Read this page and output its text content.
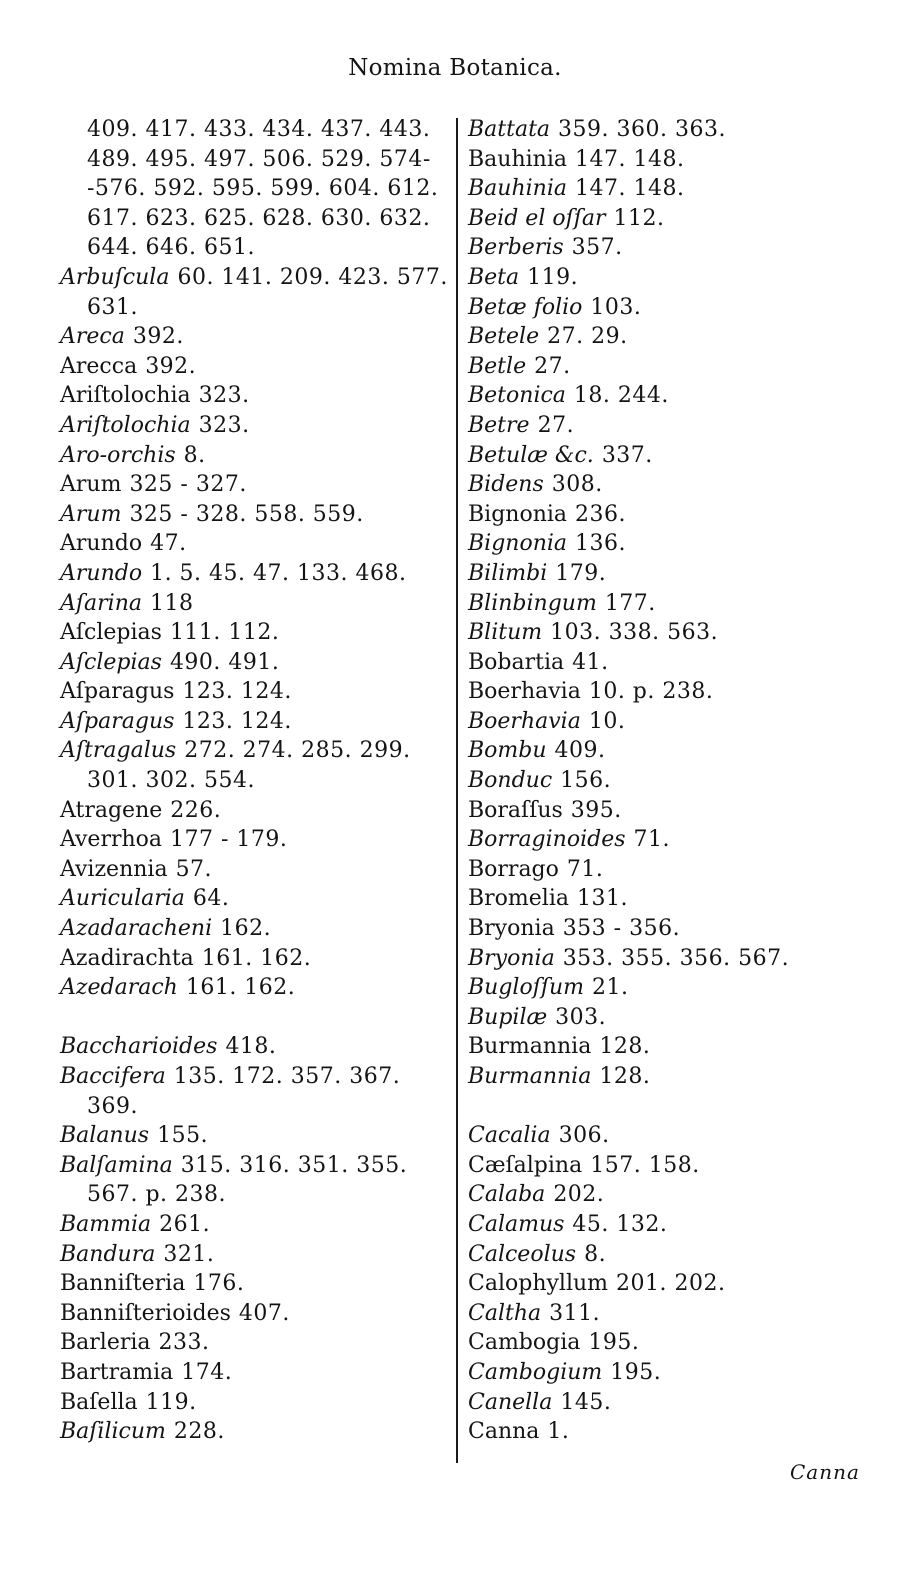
Nomina Botanica.
409. 417. 433. 434. 437. 443.
489. 495. 497. 506. 529. 574-
-576. 592. 595. 599. 604. 612.
617. 623. 625. 628. 630. 632.
644. 646. 651.
Arbuſcula 60. 141. 209. 423. 577.
631.
Areca 392.
Arecca 392.
Ariſtolochia 323.
Ariſtolochia 323.
Aro-orchis 8.
Arum 325 - 327.
Arum 325 - 328. 558. 559.
Arundo 47.
Arundo 1. 5. 45. 47. 133. 468.
Aſarina 118
Aſclepias 111. 112.
Aſclepias 490. 491.
Aſparagus 123. 124.
Aſparagus 123. 124.
Aſtragalus 272. 274. 285. 299.
301. 302. 554.
Atragene 226.
Averrhoa 177 - 179.
Avizennia 57.
Auricularia 64.
Azadaracheni 162.
Azadirachta 161. 162.
Azedarach 161. 162.
Bacchariοides 418.
Baccifera 135. 172. 357. 367.
369.
Balanus 155.
Balſamina 315. 316. 351. 355.
567. p. 238.
Bammia 261.
Bandura 321.
Banniſteria 176.
Banniſterioides 407.
Barleria 233.
Bartramia 174.
Baſella 119.
Baſilicum 228.
Battata 359. 360. 363.
Bauhinia 147. 148.
Bauhinia 147. 148.
Beid el oſſar 112.
Berberis 357.
Beta 119.
Betæ folio 103.
Betele 27. 29.
Betle 27.
Betonica 18. 244.
Betre 27.
Betulæ &c. 337.
Bidens 308.
Bignonia 236.
Bignonia 136.
Bilimbi 179.
Blinbingum 177.
Blitum 103. 338. 563.
Bobartia 41.
Boerhavia 10. p. 238.
Boerhavia 10.
Bombu 409.
Bonduc 156.
Boraſſus 395.
Borraginoides 71.
Borrago 71.
Bromelia 131.
Bryonia 353 - 356.
Bryonia 353. 355. 356. 567.
Bugloſſum 21.
Bupilæ 303.
Burmannia 128.
Burmannia 128.
Cacalia 306.
Cæſalpina 157. 158.
Calaba 202.
Calamus 45. 132.
Calceolus 8.
Calophyllum 201. 202.
Caltha 311.
Cambogia 195.
Cambogium 195.
Canella 145.
Canna 1.
Canna
